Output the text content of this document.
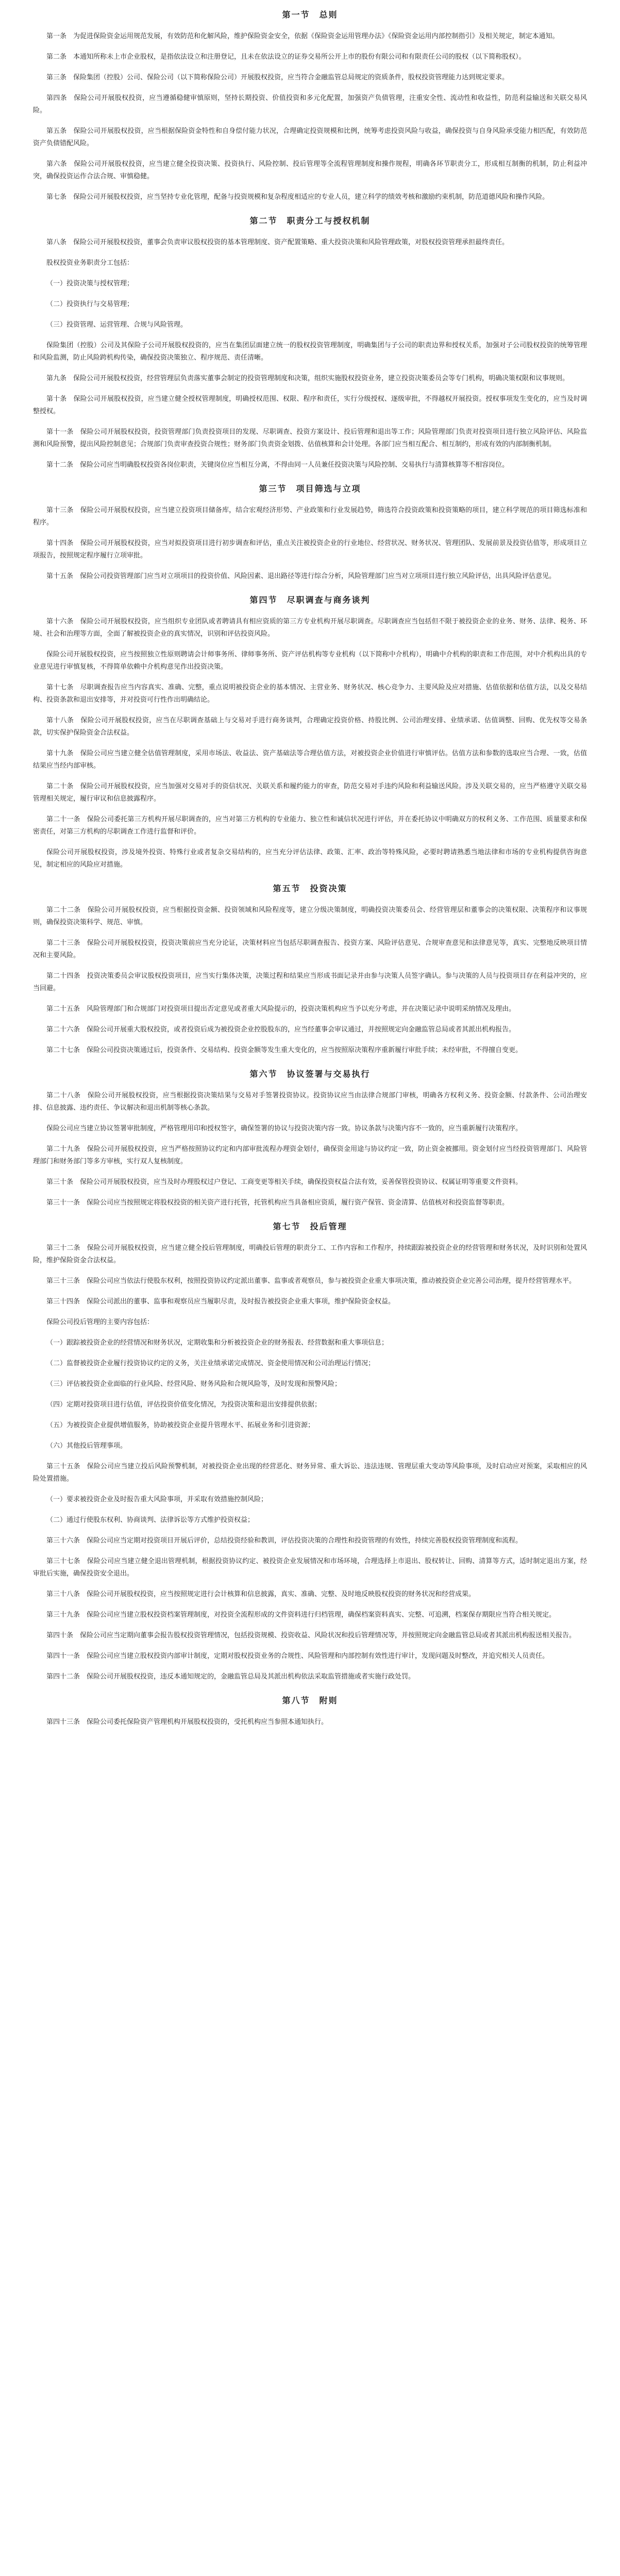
第一节　总则

第一条　为促进保险资金运用规范发展，有效防范和化解风险，维护保险资金安全，依据《保险资金运用管理办法》《保险资金运用内部控制指引》及相关规定，制定本通知。

第二条　本通知所称未上市企业股权，是指依法设立和注册登记，且未在依法设立的证券交易所公开上市的股份有限公司和有限责任公司的股权（以下简称股权）。

第三条　保险集团（控股）公司、保险公司（以下简称保险公司）开展股权投资，应当符合金融监管总局规定的资质条件，股权投资管理能力达到规定要求。

第四条　保险公司开展股权投资，应当遵循稳健审慎原则，坚持长期投资、价值投资和多元化配置，加强资产负债管理，注重安全性、流动性和收益性，防范利益输送和关联交易风险。

第五条　保险公司开展股权投资，应当根据保险资金特性和自身偿付能力状况，合理确定投资规模和比例，统筹考虑投资风险与收益，确保投资与自身风险承受能力相匹配，有效防范资产负债错配风险。

第六条　保险公司开展股权投资，应当建立健全投资决策、投资执行、风险控制、投后管理等全流程管理制度和操作规程，明确各环节职责分工，形成相互制衡的机制，防止利益冲突，确保投资运作合法合规、审慎稳健。

第七条　保险公司开展股权投资，应当坚持专业化管理，配备与投资规模和复杂程度相适应的专业人员，建立科学的绩效考核和激励约束机制，防范道德风险和操作风险。

第二节　职责分工与授权机制

第八条　保险公司开展股权投资，董事会负责审议股权投资的基本管理制度、资产配置策略、重大投资决策和风险管理政策，对股权投资管理承担最终责任。

股权投资业务职责分工包括：

（一）投资决策与授权管理；

（二）投资执行与交易管理；

（三）投资管理、运营管理、合规与风险管理。

保险集团（控股）公司及其保险子公司开展股权投资的，应当在集团层面建立统一的股权投资管理制度，明确集团与子公司的职责边界和授权关系，加强对子公司股权投资的统筹管理和风险监测，防止风险跨机构传染，确保投资决策独立、程序规范、责任清晰。

第九条　保险公司开展股权投资，经营管理层负责落实董事会制定的投资管理制度和决策，组织实施股权投资业务，建立投资决策委员会等专门机构，明确决策权限和议事规则。

第十条　保险公司开展股权投资，应当建立健全授权管理制度，明确授权范围、权限、程序和责任，实行分级授权、逐级审批，不得越权开展投资。授权事项发生变化的，应当及时调整授权。

第十一条　保险公司开展股权投资，投资管理部门负责投资项目的发现、尽职调查、投资方案设计、投后管理和退出等工作；风险管理部门负责对投资项目进行独立风险评估、风险监测和风险预警，提出风险控制意见；合规部门负责审查投资合规性；财务部门负责资金划拨、估值核算和会计处理。各部门应当相互配合、相互制约，形成有效的内部制衡机制。

第十二条　保险公司应当明确股权投资各岗位职责，关键岗位应当相互分离，不得由同一人员兼任投资决策与风险控制、交易执行与清算核算等不相容岗位。

第三节　项目筛选与立项

第十三条　保险公司开展股权投资，应当建立投资项目储备库，结合宏观经济形势、产业政策和行业发展趋势，筛选符合投资政策和投资策略的项目，建立科学规范的项目筛选标准和程序。

第十四条　保险公司开展股权投资，应当对拟投资项目进行初步调查和评估，重点关注被投资企业的行业地位、经营状况、财务状况、管理团队、发展前景及投资估值等，形成项目立项报告，按照规定程序履行立项审批。

第十五条　保险公司投资管理部门应当对立项项目的投资价值、风险因素、退出路径等进行综合分析，风险管理部门应当对立项项目进行独立风险评估，出具风险评估意见。

第四节　尽职调查与商务谈判

第十六条　保险公司开展股权投资，应当组织专业团队或者聘请具有相应资质的第三方专业机构开展尽职调查。尽职调查应当包括但不限于被投资企业的业务、财务、法律、税务、环境、社会和治理等方面，全面了解被投资企业的真实情况，识别和评估投资风险。

保险公司开展股权投资，应当按照独立性原则聘请会计师事务所、律师事务所、资产评估机构等专业机构（以下简称中介机构），明确中介机构的职责和工作范围，对中介机构出具的专业意见进行审慎复核，不得简单依赖中介机构意见作出投资决策。

第十七条　尽职调查报告应当内容真实、准确、完整，重点说明被投资企业的基本情况、主营业务、财务状况、核心竞争力、主要风险及应对措施、估值依据和估值方法，以及交易结构、投资条款和退出安排等，并对投资可行性作出明确结论。

第十八条　保险公司开展股权投资，应当在尽职调查基础上与交易对手进行商务谈判，合理确定投资价格、持股比例、公司治理安排、业绩承诺、估值调整、回购、优先权等交易条款，切实保护保险资金合法权益。

第十九条　保险公司应当建立健全估值管理制度，采用市场法、收益法、资产基础法等合理估值方法，对被投资企业价值进行审慎评估。估值方法和参数的选取应当合理、一致，估值结果应当经内部审核。

第二十条　保险公司开展股权投资，应当加强对交易对手的资信状况、关联关系和履约能力的审查，防范交易对手违约风险和利益输送风险。涉及关联交易的，应当严格遵守关联交易管理相关规定，履行审议和信息披露程序。

第二十一条　保险公司委托第三方机构开展尽职调查的，应当对第三方机构的专业能力、独立性和诚信状况进行评估，并在委托协议中明确双方的权利义务、工作范围、质量要求和保密责任，对第三方机构的尽职调查工作进行监督和评价。

保险公司开展股权投资，涉及境外投资、特殊行业或者复杂交易结构的，应当充分评估法律、政策、汇率、政治等特殊风险，必要时聘请熟悉当地法律和市场的专业机构提供咨询意见，制定相应的风险应对措施。

第五节　投资决策

第二十二条　保险公司开展股权投资，应当根据投资金额、投资领域和风险程度等，建立分级决策制度，明确投资决策委员会、经营管理层和董事会的决策权限、决策程序和议事规则，确保投资决策科学、规范、审慎。

第二十三条　保险公司开展股权投资，投资决策前应当充分论证，决策材料应当包括尽职调查报告、投资方案、风险评估意见、合规审查意见和法律意见等，真实、完整地反映项目情况和主要风险。

第二十四条　投资决策委员会审议股权投资项目，应当实行集体决策，决策过程和结果应当形成书面记录并由参与决策人员签字确认。参与决策的人员与投资项目存在利益冲突的，应当回避。

第二十五条　风险管理部门和合规部门对投资项目提出否定意见或者重大风险提示的，投资决策机构应当予以充分考虑，并在决策记录中说明采纳情况及理由。

第二十六条　保险公司开展重大股权投资，或者投资后成为被投资企业控股股东的，应当经董事会审议通过，并按照规定向金融监管总局或者其派出机构报告。

第二十七条　保险公司投资决策通过后，投资条件、交易结构、投资金额等发生重大变化的，应当按照原决策程序重新履行审批手续；未经审批，不得擅自变更。

第六节　协议签署与交易执行

第二十八条　保险公司开展股权投资，应当根据投资决策结果与交易对手签署投资协议。投资协议应当由法律合规部门审核，明确各方权利义务、投资金额、付款条件、公司治理安排、信息披露、违约责任、争议解决和退出机制等核心条款。

保险公司应当建立协议签署审批制度，严格管理用印和授权签字，确保签署的协议与投资决策内容一致。协议条款与决策内容不一致的，应当重新履行决策程序。

第二十九条　保险公司开展股权投资，应当严格按照协议约定和内部审批流程办理资金划付，确保资金用途与协议约定一致，防止资金被挪用。资金划付应当经投资管理部门、风险管理部门和财务部门等多方审核，实行双人复核制度。

第三十条　保险公司开展股权投资，应当及时办理股权过户登记、工商变更等相关手续，确保投资权益合法有效，妥善保管投资协议、权属证明等重要文件资料。

第三十一条　保险公司应当按照规定将股权投资的相关资产进行托管，托管机构应当具备相应资质，履行资产保管、资金清算、估值核对和投资监督等职责。

第七节　投后管理

第三十二条　保险公司开展股权投资，应当建立健全投后管理制度，明确投后管理的职责分工、工作内容和工作程序，持续跟踪被投资企业的经营管理和财务状况，及时识别和处置风险，维护保险资金合法权益。

第三十三条　保险公司应当依法行使股东权利，按照投资协议约定派出董事、监事或者观察员，参与被投资企业重大事项决策，推动被投资企业完善公司治理，提升经营管理水平。

第三十四条　保险公司派出的董事、监事和观察员应当履职尽责，及时报告被投资企业重大事项，维护保险资金权益。

保险公司投后管理的主要内容包括：

（一）跟踪被投资企业的经营情况和财务状况，定期收集和分析被投资企业的财务报表、经营数据和重大事项信息；

（二）监督被投资企业履行投资协议约定的义务，关注业绩承诺完成情况、资金使用情况和公司治理运行情况；

（三）评估被投资企业面临的行业风险、经营风险、财务风险和合规风险等，及时发现和预警风险；

（四）定期对投资项目进行估值，评估投资价值变化情况，为投资决策和退出安排提供依据；

（五）为被投资企业提供增值服务，协助被投资企业提升管理水平、拓展业务和引进资源；

（六）其他投后管理事项。

第三十五条　保险公司应当建立投后风险预警机制，对被投资企业出现的经营恶化、财务异常、重大诉讼、违法违规、管理层重大变动等风险事项，及时启动应对预案，采取相应的风险处置措施。

（一）要求被投资企业及时报告重大风险事项，并采取有效措施控制风险；

（二）通过行使股东权利、协商谈判、法律诉讼等方式维护投资权益；

第三十六条　保险公司应当定期对投资项目开展后评价，总结投资经验和教训，评估投资决策的合理性和投资管理的有效性，持续完善股权投资管理制度和流程。

第三十七条　保险公司应当建立健全退出管理机制，根据投资协议约定、被投资企业发展情况和市场环境，合理选择上市退出、股权转让、回购、清算等方式，适时制定退出方案，经审批后实施，确保投资安全退出。

第三十八条　保险公司开展股权投资，应当按照规定进行会计核算和信息披露，真实、准确、完整、及时地反映股权投资的财务状况和经营成果。

第三十九条　保险公司应当建立股权投资档案管理制度，对投资全流程形成的文件资料进行归档管理，确保档案资料真实、完整、可追溯，档案保存期限应当符合相关规定。

第四十条　保险公司应当定期向董事会报告股权投资管理情况，包括投资规模、投资收益、风险状况和投后管理情况等，并按照规定向金融监管总局或者其派出机构报送相关报告。

第四十一条　保险公司应当建立股权投资内部审计制度，定期对股权投资业务的合规性、风险管理和内部控制有效性进行审计，发现问题及时整改，并追究相关人员责任。

第四十二条　保险公司开展股权投资，违反本通知规定的，金融监管总局及其派出机构依法采取监管措施或者实施行政处罚。

第八节　附则

第四十三条　保险公司委托保险资产管理机构开展股权投资的，受托机构应当参照本通知执行。
